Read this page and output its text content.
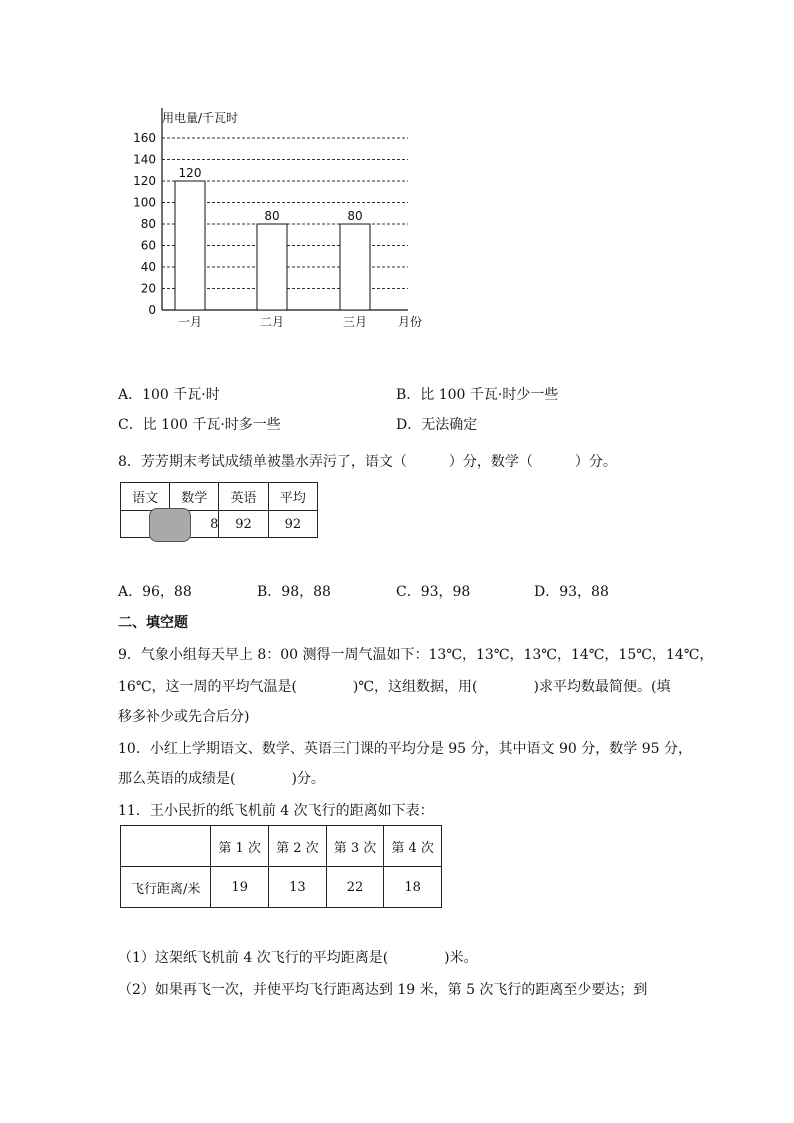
用电量/千瓦时
0
20
40
60
80
100
120
140
160
120
一月
80
二月
80
三月	月份
A．100 千瓦·时	B．比 100 千瓦·时少一些
C．比 100 千瓦·时多一些	D．无法确定
8．芳芳期末考试成绩单被墨水弄污了，语文（　　　）分，数学（　　　）分。
语文	数学	英语	平均
	8	92	92
A．96，88	B．98，88	C．93，98	D．93，88
二、填空题
9．气象小组每天早上 8：00 测得一周气温如下：13℃，13℃，13℃，14℃，15℃，14℃，
16℃，这一周的平均气温是(　　　　)℃，这组数据，用(　　　　)求平均数最简便。(填
移多补少或先合后分)
10．小红上学期语文、数学、英语三门课的平均分是 95 分，其中语文 90 分，数学 95 分，
那么英语的成绩是(　　　　)分。
11．王小民折的纸飞机前 4 次飞行的距离如下表：
	第 1 次	第 2 次	第 3 次	第 4 次
飞行距离/米	19	13	22	18
（1）这架纸飞机前 4 次飞行的平均距离是(　　　　)米。
（2）如果再飞一次，并使平均飞行距离达到 19 米，第 5 次飞行的距离至少要达；到
